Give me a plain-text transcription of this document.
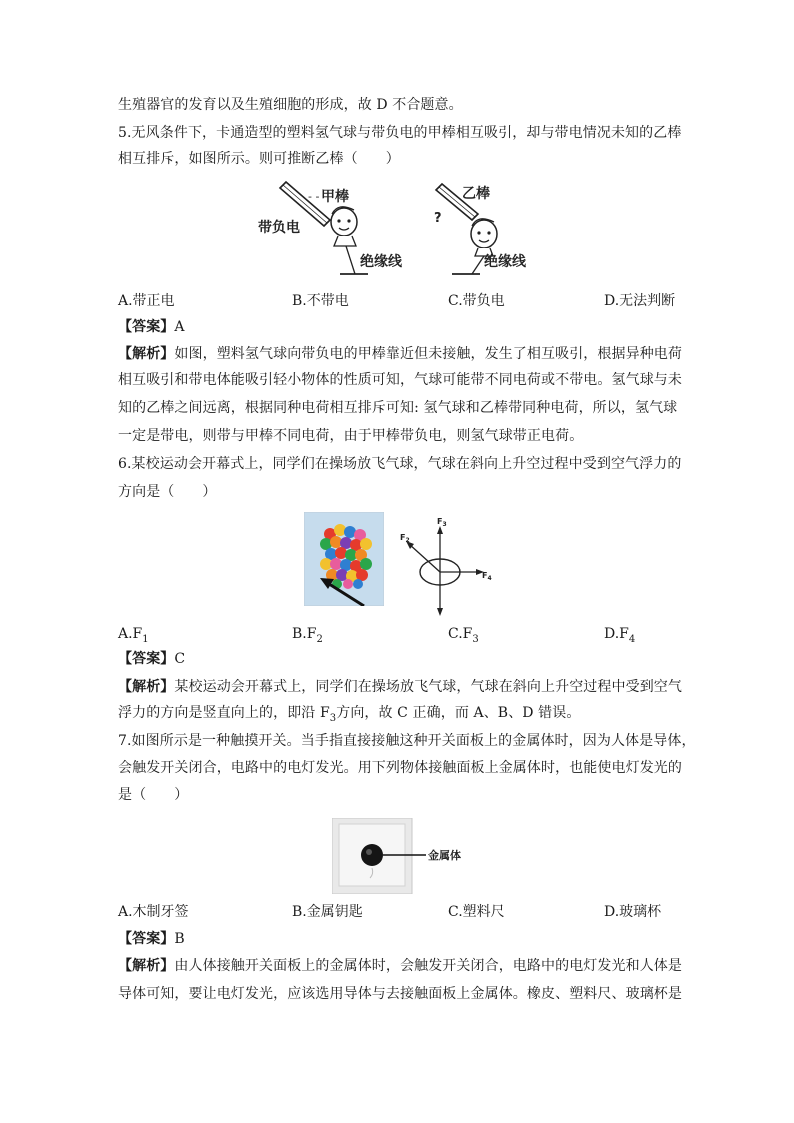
生殖器官的发育以及生殖细胞的形成，故 D 不合题意。
5.无风条件下，卡通造型的塑料氢气球与带负电的甲棒相互吸引，却与带电情况未知的乙棒
相互排斥，如图所示。则可推断乙棒（ ）
- - 甲棒
带负电
绝缘线
乙棒
?
绝缘线
A.带正电	B.不带电	C.带负电	D.无法判断
【答案】A
【解析】如图，塑料氢气球向带负电的甲棒靠近但未接触，发生了相互吸引，根据异种电荷
相互吸引和带电体能吸引轻小物体的性质可知，气球可能带不同电荷或不带电。氢气球与未
知的乙棒之间远离，根据同种电荷相互排斥可知: 氢气球和乙棒带同种电荷，所以，氢气球
一定是带电，则带与甲棒不同电荷，由于甲棒带负电，则氢气球带正电荷。
6.某校运动会开幕式上，同学们在操场放飞气球，气球在斜向上升空过程中受到空气浮力的
方向是（ ）
$F_3$
$F_4$
$F_2$
$A.F_1$	$B.F_2$	$C.F_3$	$D.F_4$
【答案】C
【解析】某校运动会开幕式上，同学们在操场放飞气球，气球在斜向上升空过程中受到空气
浮力的方向是竖直向上的，即沿 $F_3$方向，故 C 正确，而 A、B、D 错误。
7.如图所示是一种触摸开关。当手指直接接触这种开关面板上的金属体时，因为人体是导体，
会触发开关闭合，电路中的电灯发光。用下列物体接触面板上金属体时，也能使电灯发光的
是（ ）
金属体
A.木制牙签	B.金属钥匙	C.塑料尺	D.玻璃杯
【答案】B
【解析】由人体接触开关面板上的金属体时，会触发开关闭合，电路中的电灯发光和人体是
导体可知，要让电灯发光，应该选用导体与去接触面板上金属体。橡皮、塑料尺、玻璃杯是
